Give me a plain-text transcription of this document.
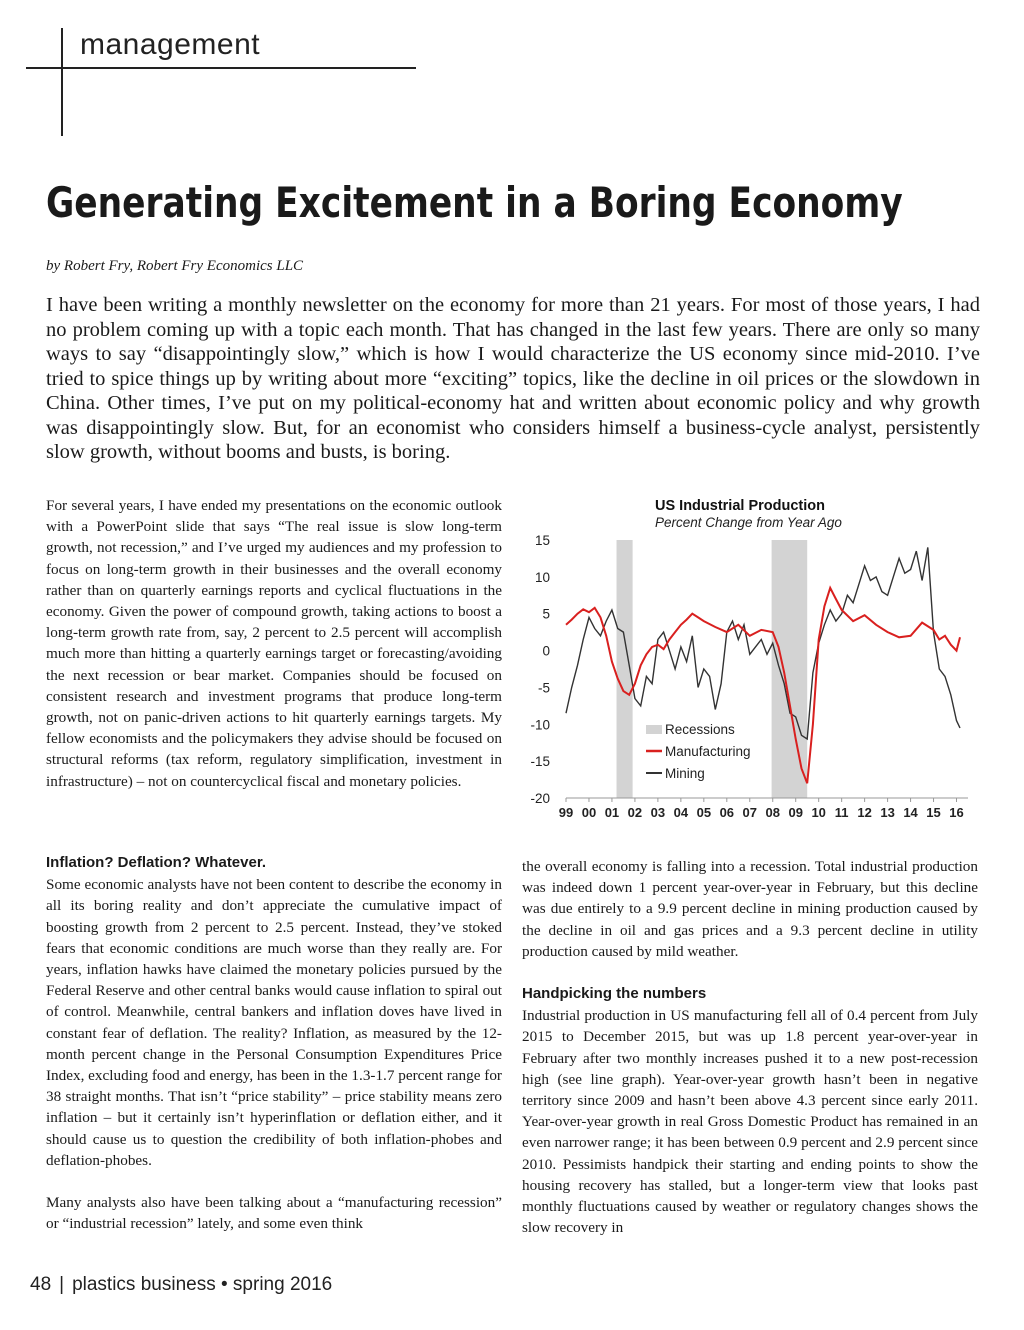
management
Generating Excitement in a Boring Economy
by Robert Fry, Robert Fry Economics LLC
I have been writing a monthly newsletter on the economy for more than 21 years. For most of those years, I had no problem coming up with a topic each month. That has changed in the last few years. There are only so many ways to say “disappointingly slow,” which is how I would characterize the US economy since mid-2010. I’ve tried to spice things up by writing about more “exciting” topics, like the decline in oil prices or the slowdown in China. Other times, I’ve put on my political-economy hat and written about economic policy and why growth was disappointingly slow. But, for an economist who considers himself a business-cycle analyst, persistently slow growth, without booms and busts, is boring.

For several years, I have ended my presentations on the economic outlook with a PowerPoint slide that says “The real issue is slow long-term growth, not recession,” and I’ve urged my audiences and my profession to focus on long-term growth in their businesses and the overall economy rather than on quarterly earnings reports and cyclical fluctuations in the economy. Given the power of compound growth, taking actions to boost a long-term growth rate from, say, 2 percent to 2.5 percent will accomplish much more than hitting a quarterly earnings target or forecasting/avoiding the next recession or bear market. Companies should be focused on consistent research and investment programs that produce long-term growth, not on panic-driven actions to hit quarterly earnings targets. My fellow economists and the policymakers they advise should be focused on structural reforms (tax reform, regulatory simplification, investment in infrastructure) – not on countercyclical fiscal and monetary policies.

US Industrial Production
Percent Change from Year Ago
15
10
5
0
-5
-10
-15
-20
99 00 01 02 03 04 05 06 07 08 09 10 11 12 13 14 15 16
Recessions
Manufacturing
Mining
Inflation? Deflation? Whatever.

Some economic analysts have not been content to describe the economy in all its boring reality and don’t appreciate the cumulative impact of boosting growth from 2 percent to 2.5 percent. Instead, they’ve stoked fears that economic conditions are much worse than they really are. For years, inflation hawks have claimed the monetary policies pursued by the Federal Reserve and other central banks would cause inflation to spiral out of control. Meanwhile, central bankers and inflation doves have lived in constant fear of deflation. The reality? Inflation, as measured by the 12-month percent change in the Personal Consumption Expenditures Price Index, excluding food and energy, has been in the 1.3-1.7 percent range for 38 straight months. That isn’t “price stability” – price stability means zero inflation – but it certainly isn’t hyperinflation or deflation either, and it should cause us to question the credibility of both inflation-phobes and deflation-phobes.

Many analysts also have been talking about a “manufacturing recession” or “industrial recession” lately, and some even think

the overall economy is falling into a recession. Total industrial production was indeed down 1 percent year-over-year in February, but this decline was due entirely to a 9.9 percent decline in mining production caused by the decline in oil and gas prices and a 9.3 percent decline in utility production caused by mild weather.

Handpicking the numbers

Industrial production in US manufacturing fell all of 0.4 percent from July 2015 to December 2015, but was up 1.8 percent year-over-year in February after two monthly increases pushed it to a new post-recession high (see line graph). Year-over-year growth hasn’t been in negative territory since 2009 and hasn’t been above 4.3 percent since early 2011. Year-over-year growth in real Gross Domestic Product has remained in an even narrower range; it has been between 0.9 percent and 2.9 percent since 2010. Pessimists handpick their starting and ending points to show the housing recovery has stalled, but a longer-term view that looks past monthly fluctuations caused by weather or regulatory changes shows the slow recovery in

48 | plastics business • spring 2016
